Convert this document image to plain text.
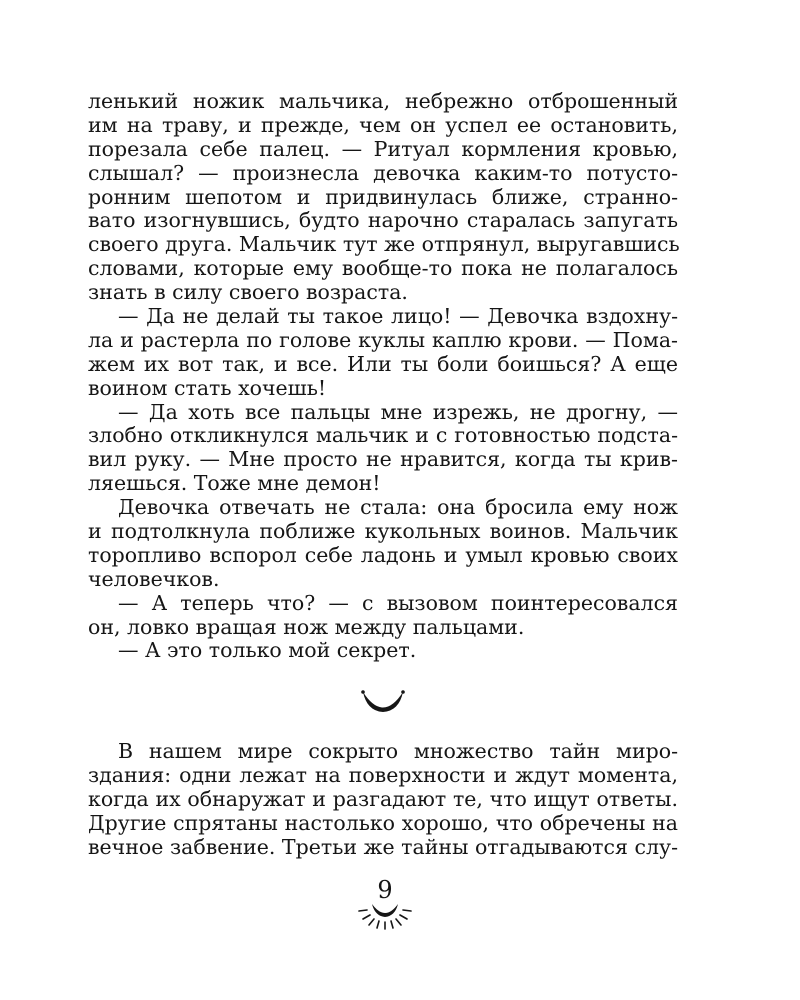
ленький ножик мальчика, небрежно отброшенный
им на траву, и прежде, чем он успел ее остановить,
порезала себе палец. — Ритуал кормления кровью,
слышал? — произнесла девочка каким-то потусто-
ронним шепотом и придвинулась ближе, странно-
вато изогнувшись, будто нарочно старалась запугать
своего друга. Мальчик тут же отпрянул, выругавшись
словами, которые ему вообще-то пока не полагалось
знать в силу своего возраста.
— Да не делай ты такое лицо! — Девочка вздохну-
ла и растерла по голове куклы каплю крови. — Пома-
жем их вот так, и все. Или ты боли боишься? А еще
воином стать хочешь!
— Да хоть все пальцы мне изрежь, не дрогну, —
злобно откликнулся мальчик и с готовностью подста-
вил руку. — Мне просто не нравится, когда ты крив-
ляешься. Тоже мне демон!
Девочка отвечать не стала: она бросила ему нож
и подтолкнула поближе кукольных воинов. Мальчик
торопливо вспорол себе ладонь и умыл кровью своих
человечков.
— А теперь что? — с вызовом поинтересовался
он, ловко вращая нож между пальцами.
— А это только мой секрет.
В нашем мире сокрыто множество тайн миро-
здания: одни лежат на поверхности и ждут момента,
когда их обнаружат и разгадают те, что ищут ответы.
Другие спрятаны настолько хорошо, что обречены на
вечное забвение. Третьи же тайны отгадываются слу-
9
